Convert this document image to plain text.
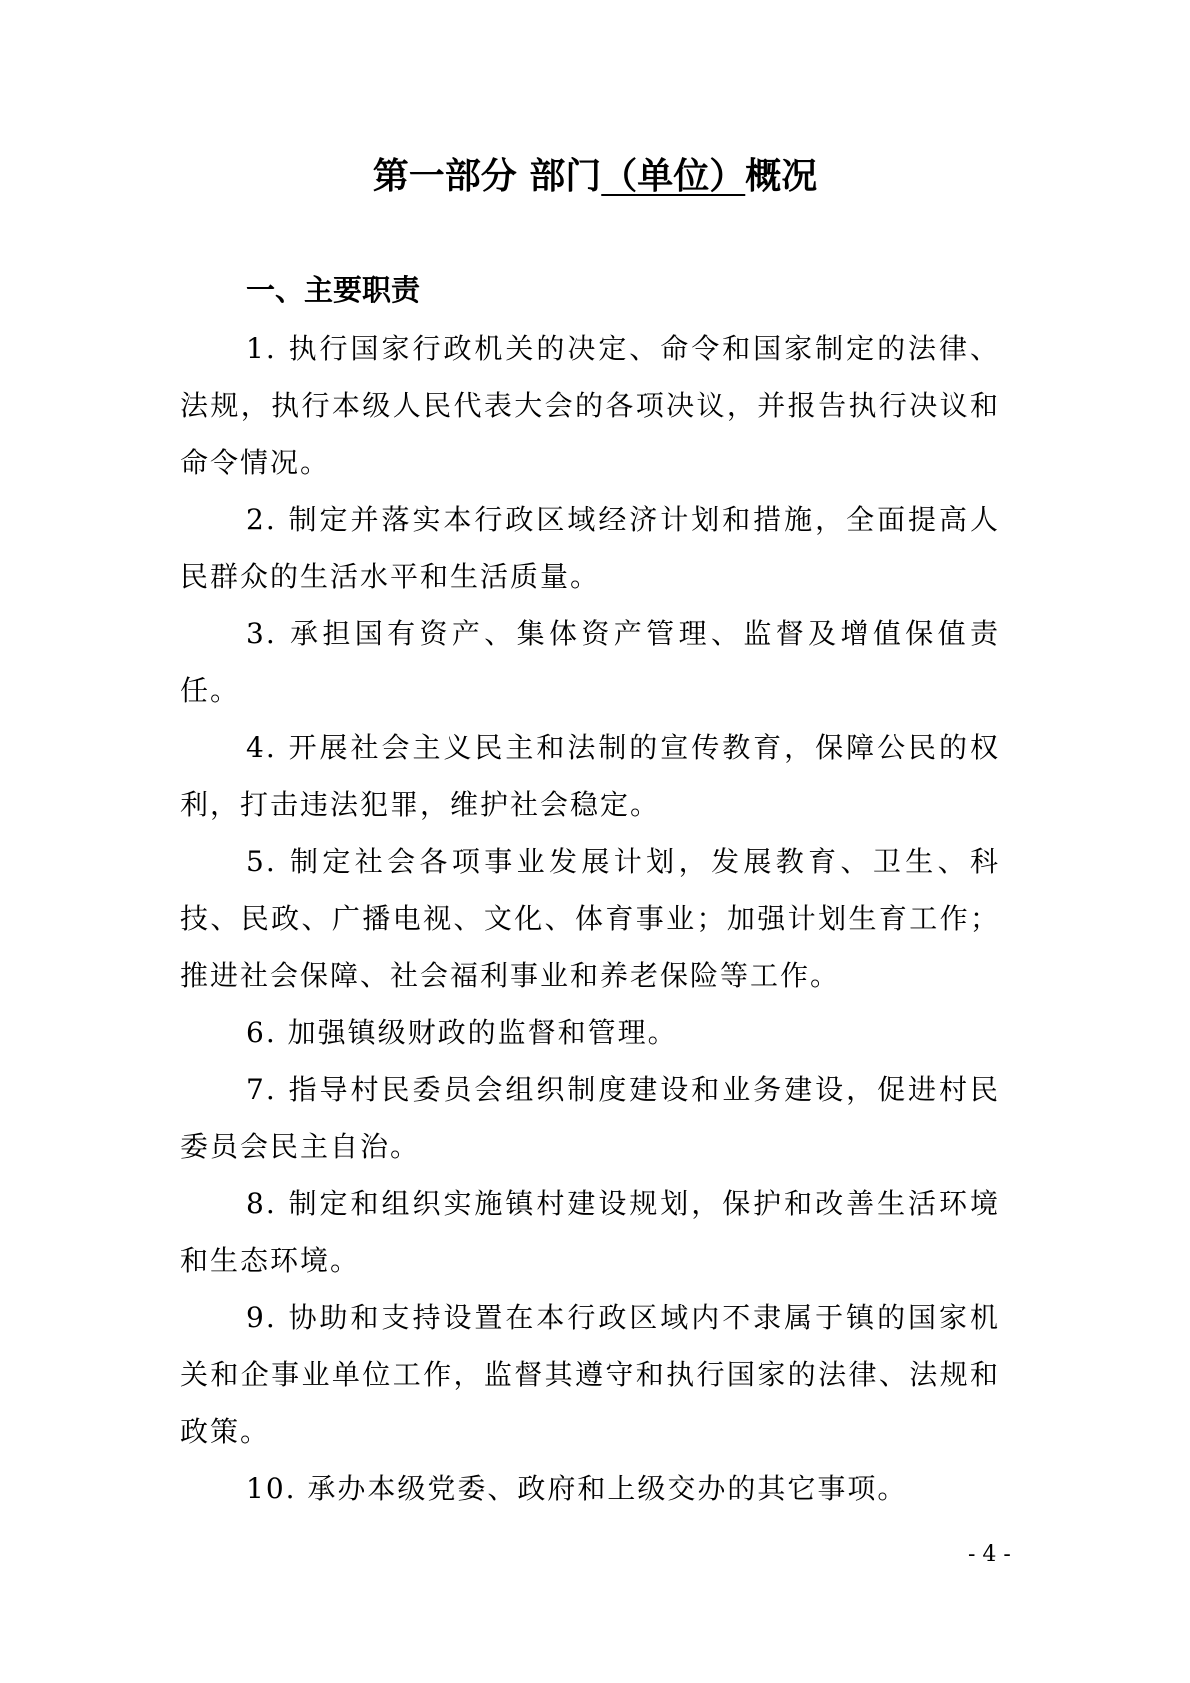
第一部分 部门（单位）概况
一、主要职责

1. 执行国家行政机关的决定、命令和国家制定的法律、法规，执行本级人民代表大会的各项决议，并报告执行决议和命令情况。

2. 制定并落实本行政区域经济计划和措施，全面提高人民群众的生活水平和生活质量。

3. 承担国有资产、集体资产管理、监督及增值保值责任。

4. 开展社会主义民主和法制的宣传教育，保障公民的权利，打击违法犯罪，维护社会稳定。

5. 制定社会各项事业发展计划，发展教育、卫生、科技、民政、广播电视、文化、体育事业；加强计划生育工作；推进社会保障、社会福利事业和养老保险等工作。

6. 加强镇级财政的监督和管理。

7. 指导村民委员会组织制度建设和业务建设，促进村民委员会民主自治。

8. 制定和组织实施镇村建设规划，保护和改善生活环境和生态环境。

9. 协助和支持设置在本行政区域内不隶属于镇的国家机关和企事业单位工作，监督其遵守和执行国家的法律、法规和政策。

10. 承办本级党委、政府和上级交办的其它事项。

- 4 -
